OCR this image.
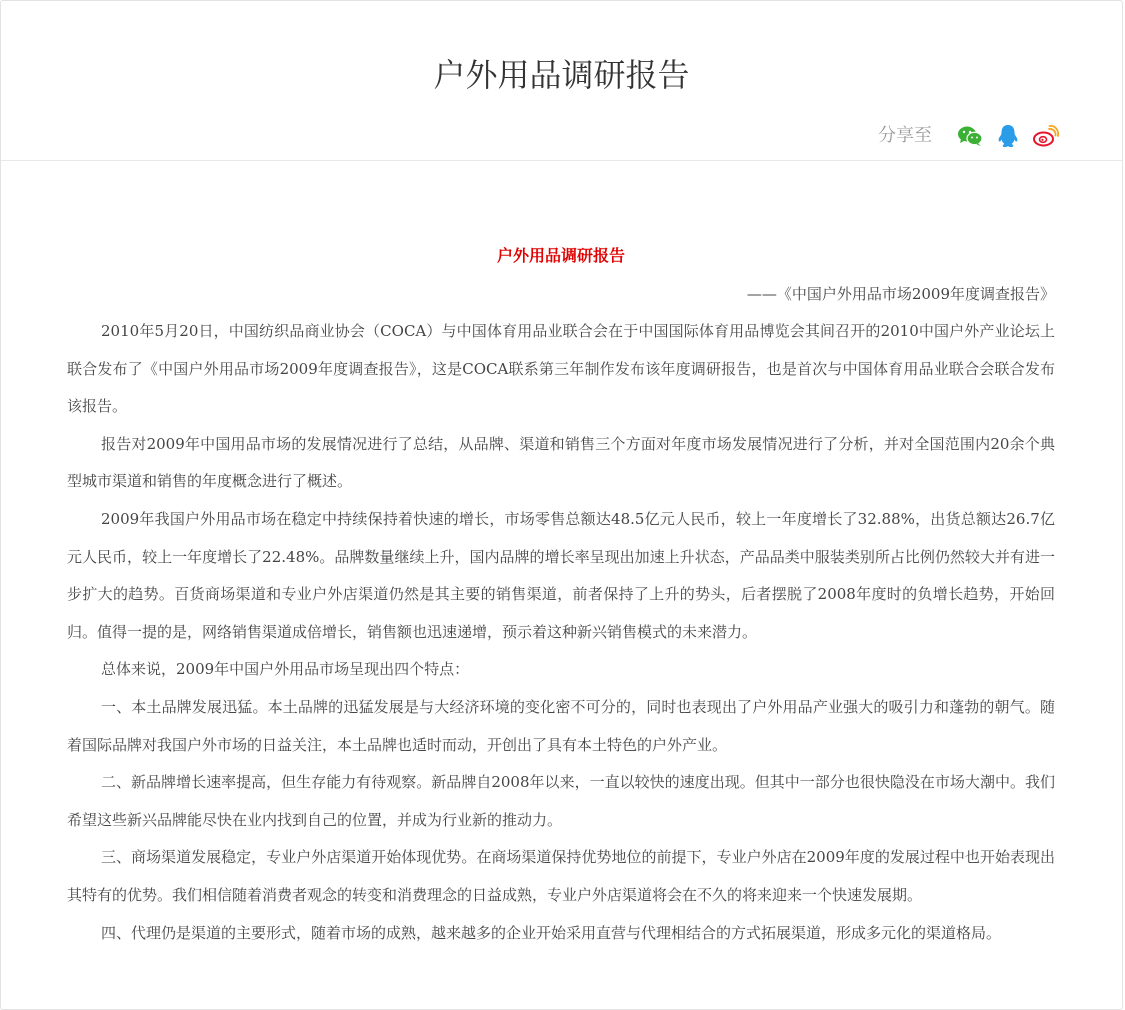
户外用品调研报告
分享至

户外用品调研报告

——《中国户外用品市场2009年度调查报告》

2010年5月20日，中国纺织品商业协会（COCA）与中国体育用品业联合会在于中国国际体育用品博览会其间召开的2010中国户外产业论坛上联合发布了《中国户外用品市场2009年度调查报告》，这是COCA联系第三年制作发布该年度调研报告，也是首次与中国体育用品业联合会联合发布该报告。

报告对2009年中国用品市场的发展情况进行了总结，从品牌、渠道和销售三个方面对年度市场发展情况进行了分析，并对全国范围内20余个典型城市渠道和销售的年度概念进行了概述。

2009年我国户外用品市场在稳定中持续保持着快速的增长，市场零售总额达48.5亿元人民币，较上一年度增长了32.88%，出货总额达26.7亿元人民币，较上一年度增长了22.48%。品牌数量继续上升，国内品牌的增长率呈现出加速上升状态，产品品类中服装类别所占比例仍然较大并有进一步扩大的趋势。百货商场渠道和专业户外店渠道仍然是其主要的销售渠道，前者保持了上升的势头，后者摆脱了2008年度时的负增长趋势，开始回归。值得一提的是，网络销售渠道成倍增长，销售额也迅速递增，预示着这种新兴销售模式的未来潜力。

总体来说，2009年中国户外用品市场呈现出四个特点：

一、本土品牌发展迅猛。本土品牌的迅猛发展是与大经济环境的变化密不可分的，同时也表现出了户外用品产业强大的吸引力和蓬勃的朝气。随着国际品牌对我国户外市场的日益关注，本土品牌也适时而动，开创出了具有本土特色的户外产业。

二、新品牌增长速率提高，但生存能力有待观察。新品牌自2008年以来，一直以较快的速度出现。但其中一部分也很快隐没在市场大潮中。我们希望这些新兴品牌能尽快在业内找到自己的位置，并成为行业新的推动力。

三、商场渠道发展稳定，专业户外店渠道开始体现优势。在商场渠道保持优势地位的前提下，专业户外店在2009年度的发展过程中也开始表现出其特有的优势。我们相信随着消费者观念的转变和消费理念的日益成熟，专业户外店渠道将会在不久的将来迎来一个快速发展期。

四、代理仍是渠道的主要形式，随着市场的成熟，越来越多的企业开始采用直营与代理相结合的方式拓展渠道，形成多元化的渠道格局。
